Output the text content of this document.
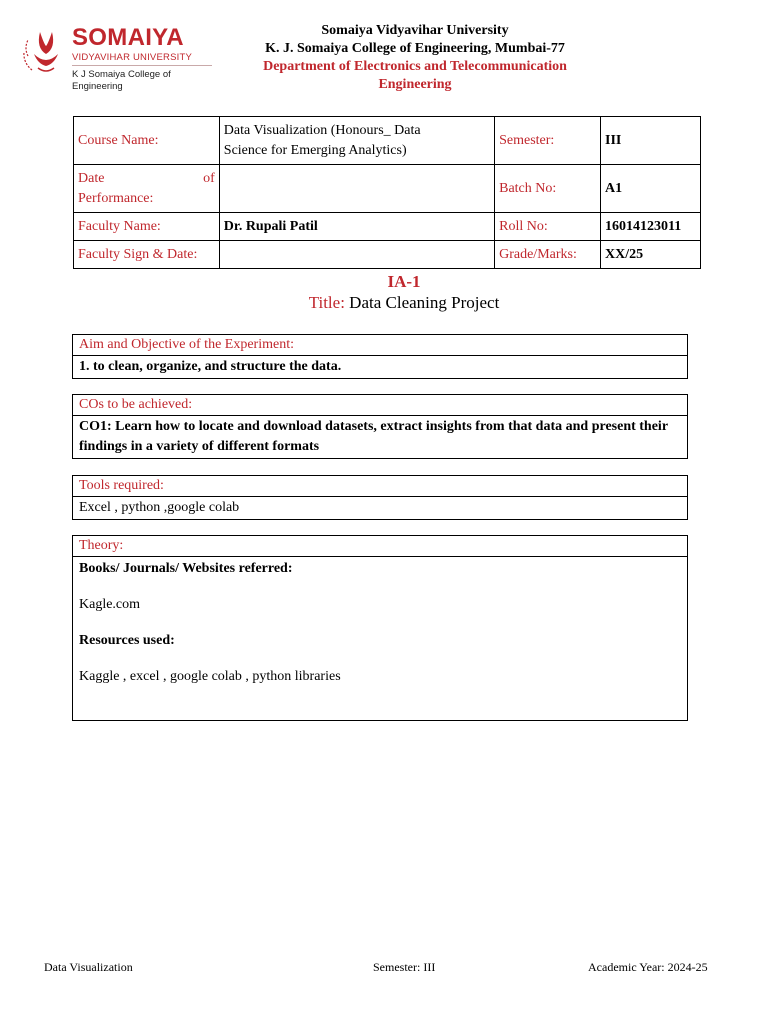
SOMAIYA
VIDYAVIHAR UNIVERSITY
K J Somaiya College of Engineering
Somaiya Vidyavihar University
K. J. Somaiya College of Engineering, Mumbai-77
Department of Electronics and Telecommunication
Engineering
Course Name:	Data Visualization (Honours_ Data
Science for Emerging Analytics)	Semester:	III

Date of
Performance:		Batch No:	A1
Faculty Name:	Dr. Rupali Patil	Roll No:	16014123011
Faculty Sign & Date:		Grade/Marks:	XX/25
IA-1
Title: Data Cleaning Project
Aim and Objective of the Experiment:
1. to clean, organize, and structure the data.
COs to be achieved:
CO1: Learn how to locate and download datasets, extract insights from that data and present their findings in a variety of different formats
Tools required:
Excel , python ,google colab
Theory:

Books/ Journals/ Websites referred:

Kagle.com

Resources used:

Kaggle , excel , google colab , python libraries

Data Visualization	Semester: III	Academic Year: 2024-25
